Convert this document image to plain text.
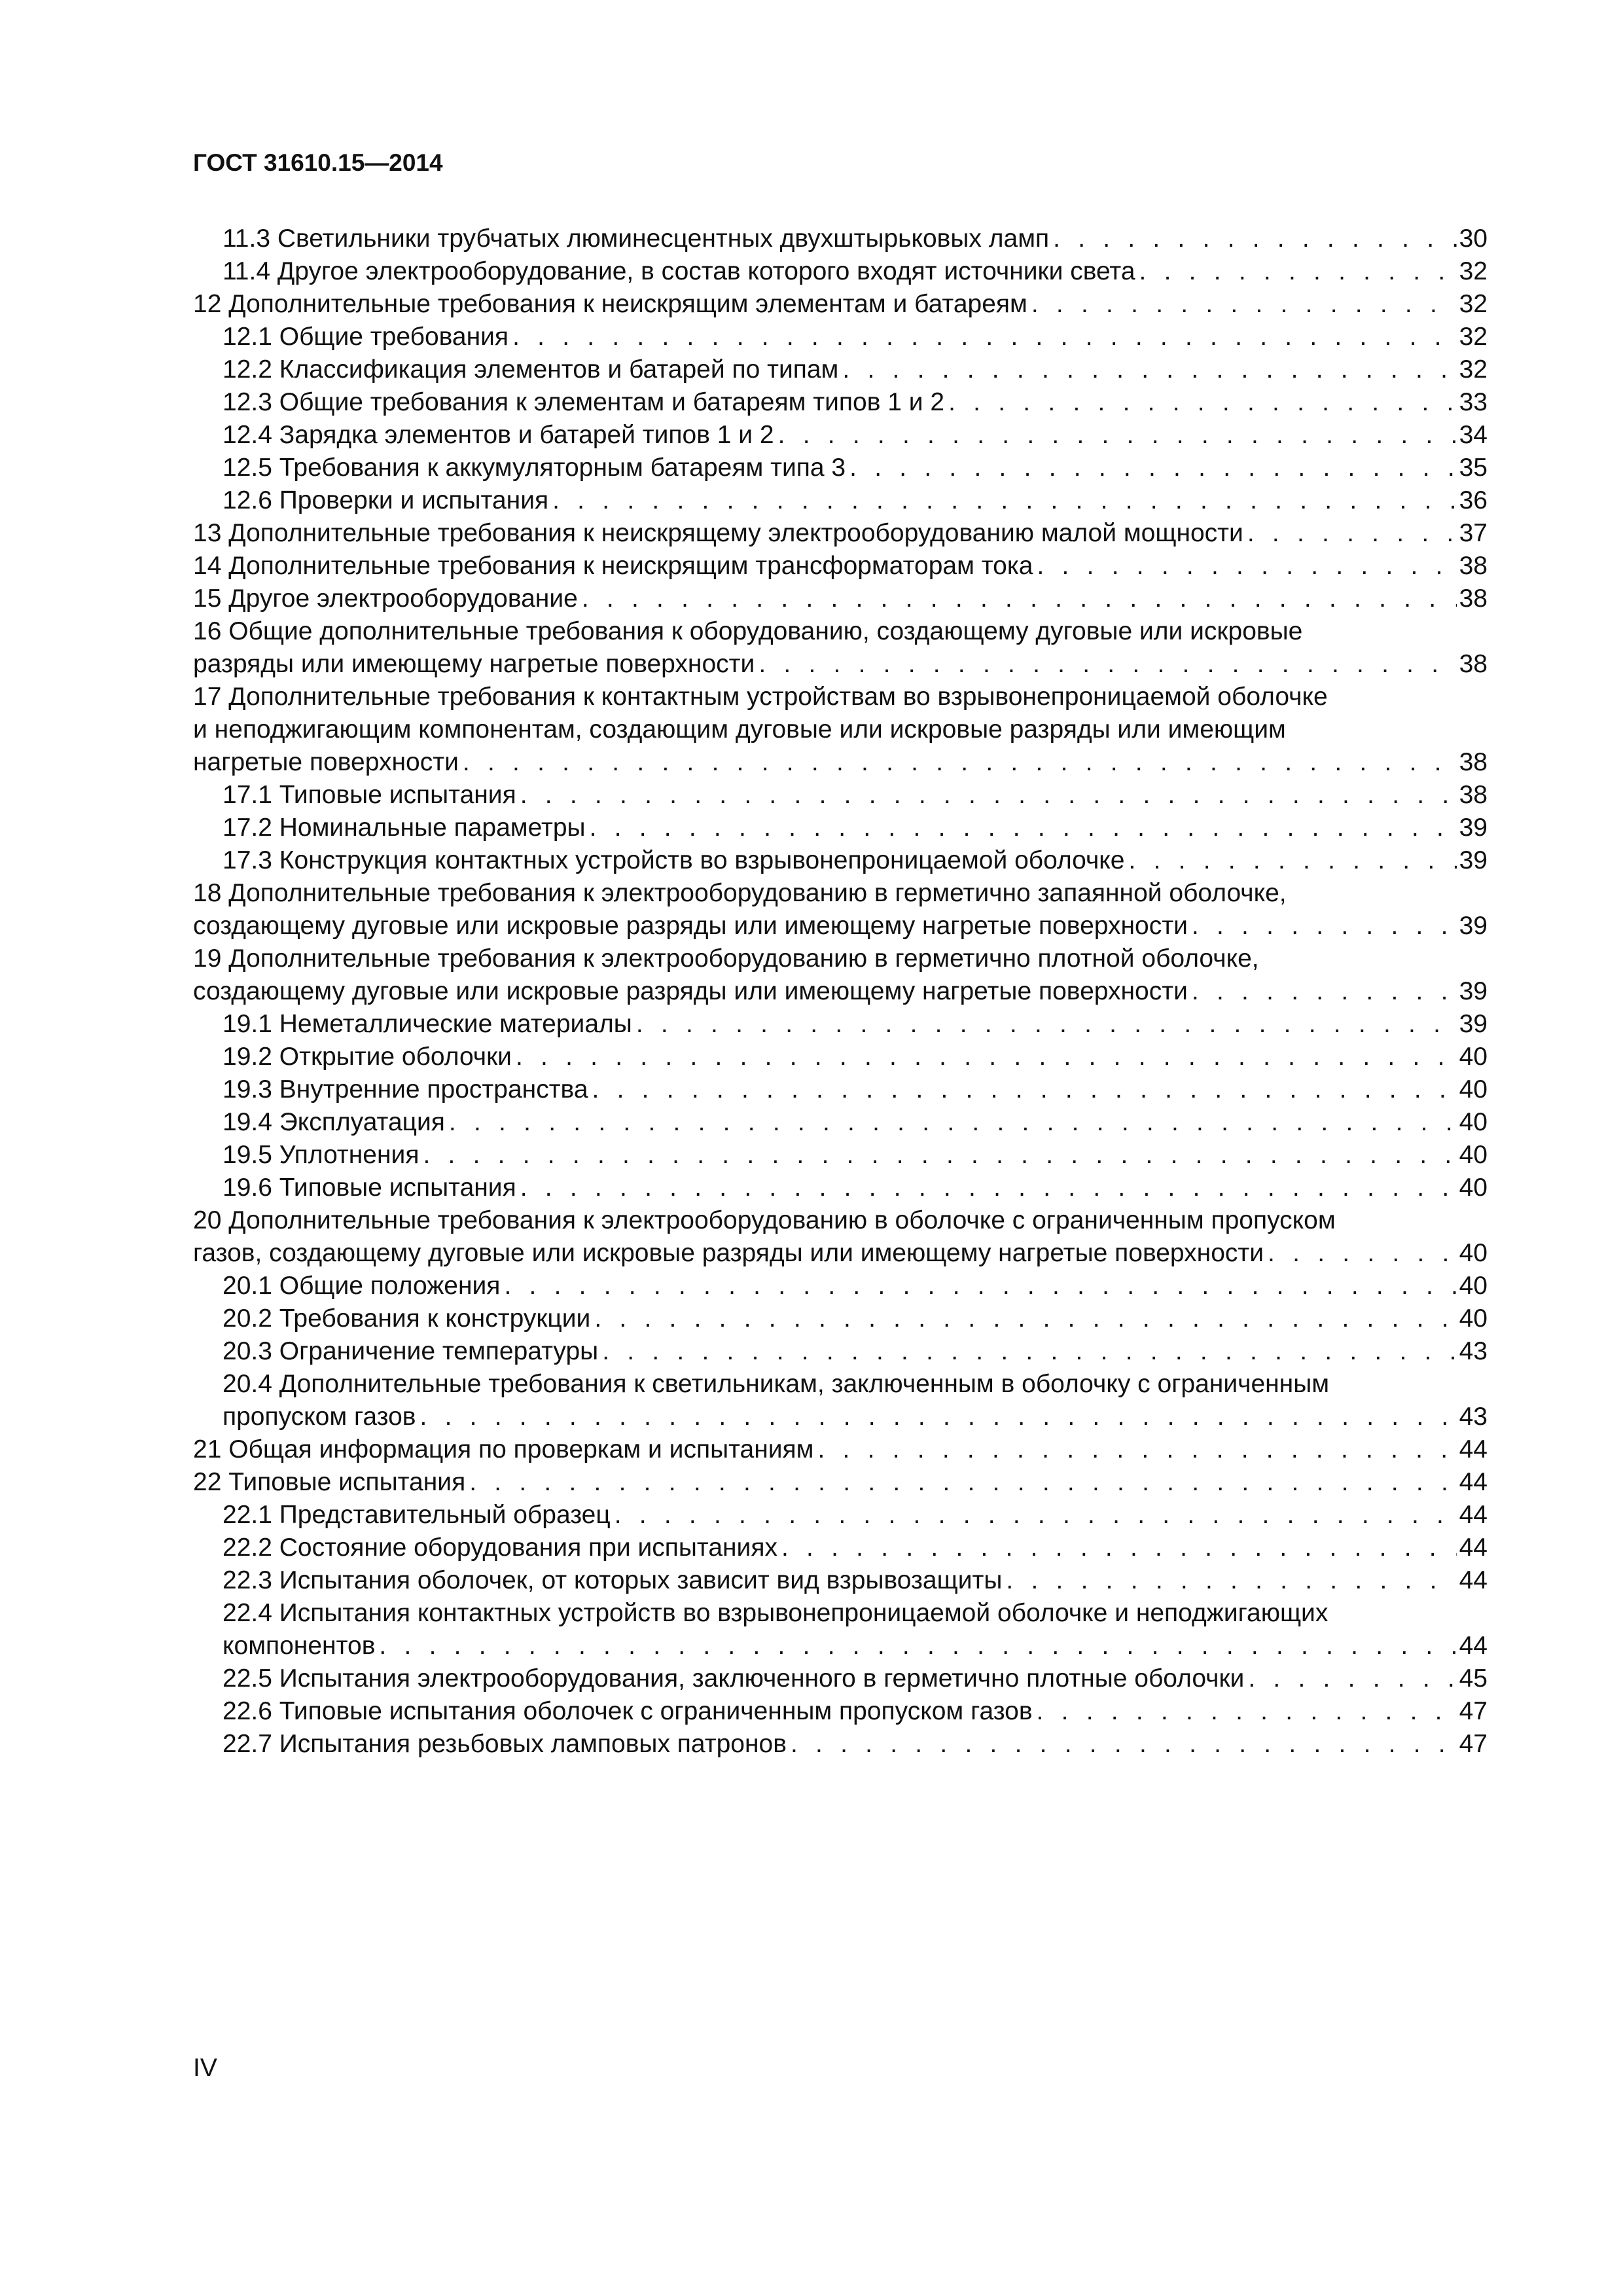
ГОСТ 31610.15—2014
11.3 Светильники трубчатых люминесцентных двухштырьковых ламп . . .	30
11.4 Другое электрооборудование, в состав которого входят источники света . . .	32
12 Дополнительные требования к неискрящим элементам и батареям . . .	32
12.1 Общие требования . . .	32
12.2 Классификация элементов и батарей по типам . . .	32
12.3 Общие требования к элементам и батареям типов 1 и 2 . . .	33
12.4 Зарядка элементов и батарей типов 1 и 2 . . .	34
12.5 Требования к аккумуляторным батареям типа 3 . . .	35
12.6 Проверки и испытания . . .	36
13 Дополнительные требования к неискрящему электрооборудованию малой мощности . . .	37
14 Дополнительные требования к неискрящим трансформаторам тока . . .	38
15 Другое электрооборудование . . .	38
16 Общие дополнительные требования к оборудованию, создающему дуговые или искровые
разряды или имеющему нагретые поверхности . . .	38
17 Дополнительные требования к контактным устройствам во взрывонепроницаемой оболочке
и неподжигающим компонентам, создающим дуговые или искровые разряды или имеющим
нагретые поверхности . . .	38
17.1 Типовые испытания . . .	38
17.2 Номинальные параметры . . .	39
17.3 Конструкция контактных устройств во взрывонепроницаемой оболочке . . .	39
18 Дополнительные требования к электрооборудованию в герметично запаянной оболочке,
создающему дуговые или искровые разряды или имеющему нагретые поверхности . . .	39
19 Дополнительные требования к электрооборудованию в герметично плотной оболочке,
создающему дуговые или искровые разряды или имеющему нагретые поверхности . . .	39
19.1 Неметаллические материалы . . .	39
19.2 Открытие оболочки . . .	40
19.3 Внутренние пространства . . .	40
19.4 Эксплуатация . . .	40
19.5 Уплотнения . . .	40
19.6 Типовые испытания . . .	40
20 Дополнительные требования к электрооборудованию в оболочке с ограниченным пропуском
газов, создающему дуговые или искровые разряды или имеющему нагретые поверхности . . .	40
20.1 Общие положения . . .	40
20.2 Требования к конструкции . . .	40
20.3 Ограничение температуры . . .	43
20.4 Дополнительные требования к светильникам, заключенным в оболочку с ограниченным
пропуском газов . . .	43
21 Общая информация по проверкам и испытаниям . . .	44
22 Типовые испытания . . .	44
22.1 Представительный образец . . .	44
22.2 Состояние оборудования при испытаниях . . .	44
22.3 Испытания оболочек, от которых зависит вид взрывозащиты . . .	44
22.4 Испытания контактных устройств во взрывонепроницаемой оболочке и неподжигающих
компонентов . . .	44
22.5 Испытания электрооборудования, заключенного в герметично плотные оболочки . . .	45
22.6 Типовые испытания оболочек с ограниченным пропуском газов . . .	47
22.7 Испытания резьбовых ламповых патронов . . .	47
IV
